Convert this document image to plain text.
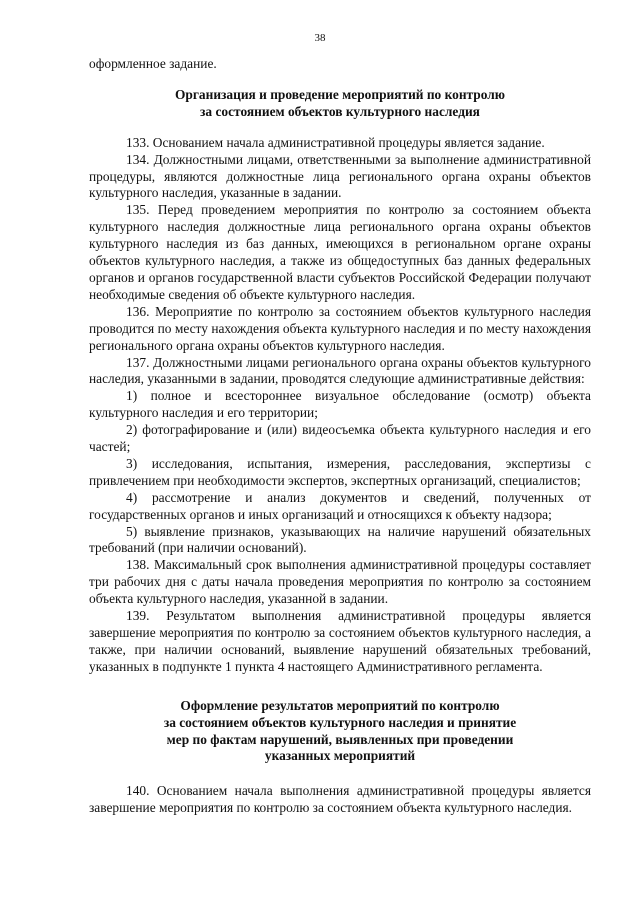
38

оформленное задание.

Организация и проведение мероприятий по контролю
за состоянием объектов культурного наследия

133. Основанием начала административной процедуры является задание.

134. Должностными лицами, ответственными за выполнение административной процедуры, являются должностные лица регионального органа охраны объектов культурного наследия, указанные в задании.

135. Перед проведением мероприятия по контролю за состоянием объекта культурного наследия должностные лица регионального органа охраны объектов культурного наследия из баз данных, имеющихся в региональном органе охраны объектов культурного наследия, а также из общедоступных баз данных федеральных органов и органов государственной власти субъектов Российской Федерации получают необходимые сведения об объекте культурного наследия.

136. Мероприятие по контролю за состоянием объектов культурного наследия проводится по месту нахождения объекта культурного наследия и по месту нахождения регионального органа охраны объектов культурного наследия.

137. Должностными лицами регионального органа охраны объектов культурного наследия, указанными в задании, проводятся следующие административные действия:

1) полное и всестороннее визуальное обследование (осмотр) объекта культурного наследия и его территории;

2) фотографирование и (или) видеосъемка объекта культурного наследия и его частей;

3) исследования, испытания, измерения, расследования, экспертизы с привлечением при необходимости экспертов, экспертных организаций, специалистов;

4) рассмотрение и анализ документов и сведений, полученных от государственных органов и иных организаций и относящихся к объекту надзора;

5) выявление признаков, указывающих на наличие нарушений обязательных требований (при наличии оснований).

138. Максимальный срок выполнения административной процедуры составляет три рабочих дня с даты начала проведения мероприятия по контролю за состоянием объекта культурного наследия, указанной в задании.

139. Результатом выполнения административной процедуры является завершение мероприятия по контролю за состоянием объектов культурного наследия, а также, при наличии оснований, выявление нарушений обязательных требований, указанных в подпункте 1 пункта 4 настоящего Административного регламента.

Оформление результатов мероприятий по контролю
за состоянием объектов культурного наследия и принятие
мер по фактам нарушений, выявленных при проведении
указанных мероприятий

140. Основанием начала выполнения административной процедуры является завершение мероприятия по контролю за состоянием объекта культурного наследия.
